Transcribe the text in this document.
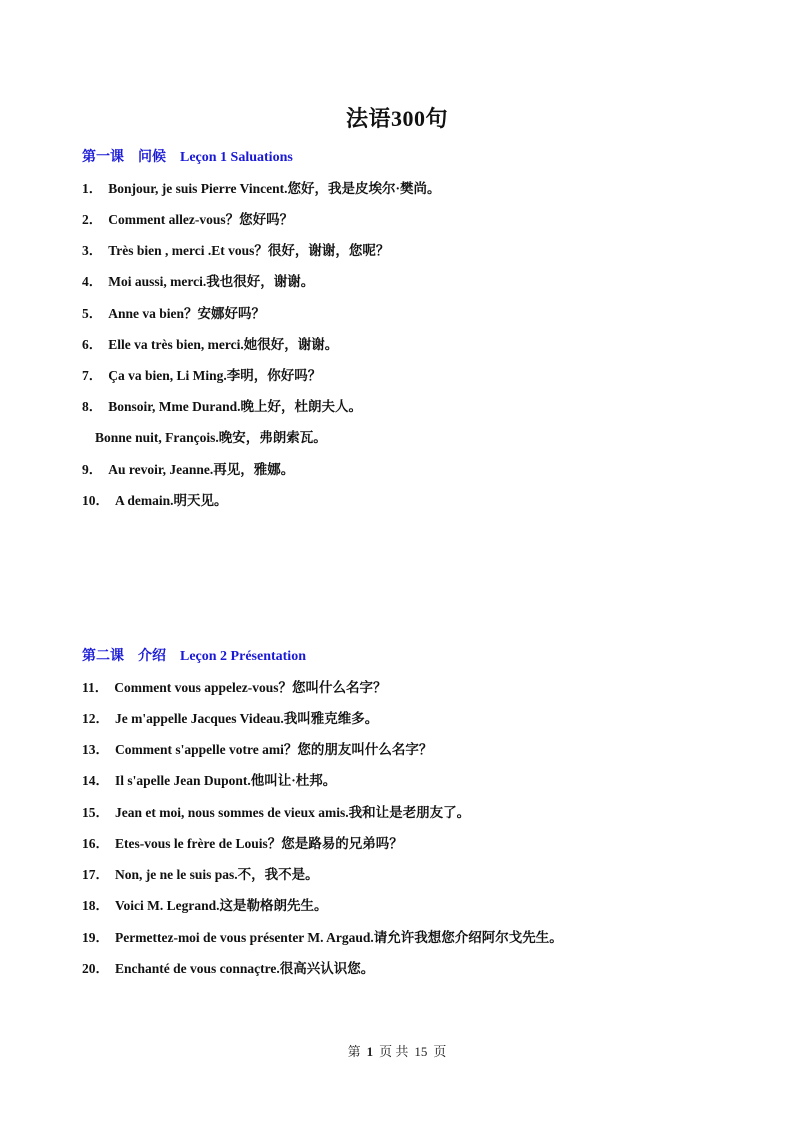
法语300句
第一课 问候 Leçon 1 Saluations
1． Bonjour, je suis Pierre Vincent.您好，我是皮埃尔·樊尚。
2． Comment allez-vous？您好吗？
3． Très bien , merci .Et vous？很好，谢谢，您呢？
4． Moi aussi, merci.我也很好，谢谢。
5． Anne va bien？安娜好吗？
6． Elle va très bien, merci.她很好，谢谢。
7． Ça va bien, Li Ming.李明，你好吗？
8． Bonsoir, Mme Durand.晚上好，杜朗夫人。
Bonne nuit, François.晚安，弗朗索瓦。
9． Au revoir, Jeanne.再见，雅娜。
10． A demain.明天见。
第二课 介绍 Leçon 2 Présentation
11． Comment vous appelez-vous？您叫什么名字？
12． Je m'appelle Jacques Videau.我叫雅克维多。
13． Comment s'appelle votre ami？您的朋友叫什么名字？
14． Il s'apelle Jean Dupont.他叫让·杜邦。
15． Jean et moi, nous sommes de vieux amis.我和让是老朋友了。
16． Etes-vous le frère de Louis？您是路易的兄弟吗？
17． Non, je ne le suis pas.不，我不是。
18． Voici M. Legrand.这是勒格朗先生。
19． Permettez-moi de vous présenter M. Argaud.请允许我想您介绍阿尔戈先生。
20． Enchanté de vous connaçtre.很高兴认识您。
第 1 页 共 15 页
